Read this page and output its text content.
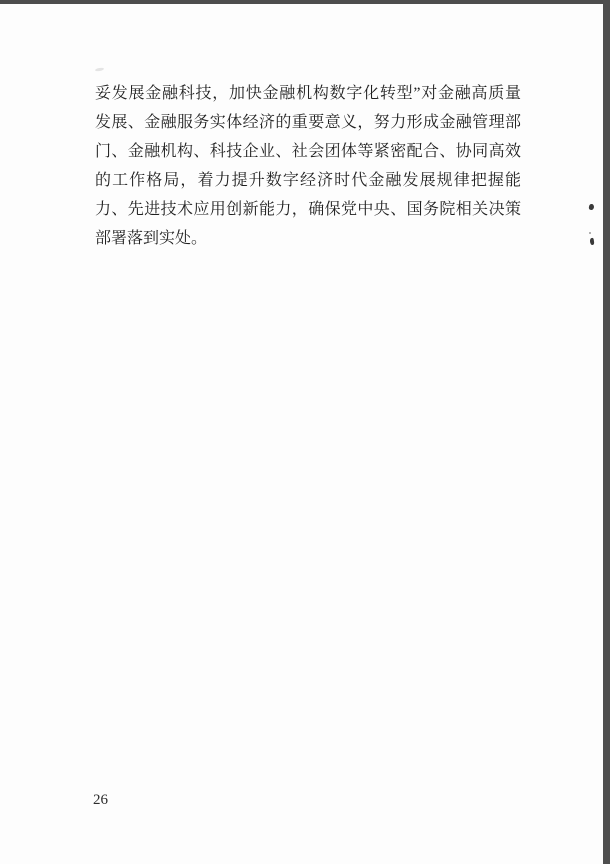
妥发展金融科技，加快金融机构数字化转型”对金融高质量
发展、金融服务实体经济的重要意义，努力形成金融管理部
门、金融机构、科技企业、社会团体等紧密配合、协同高效
的工作格局，着力提升数字经济时代金融发展规律把握能
力、先进技术应用创新能力，确保党中央、国务院相关决策
部署落到实处。
26
